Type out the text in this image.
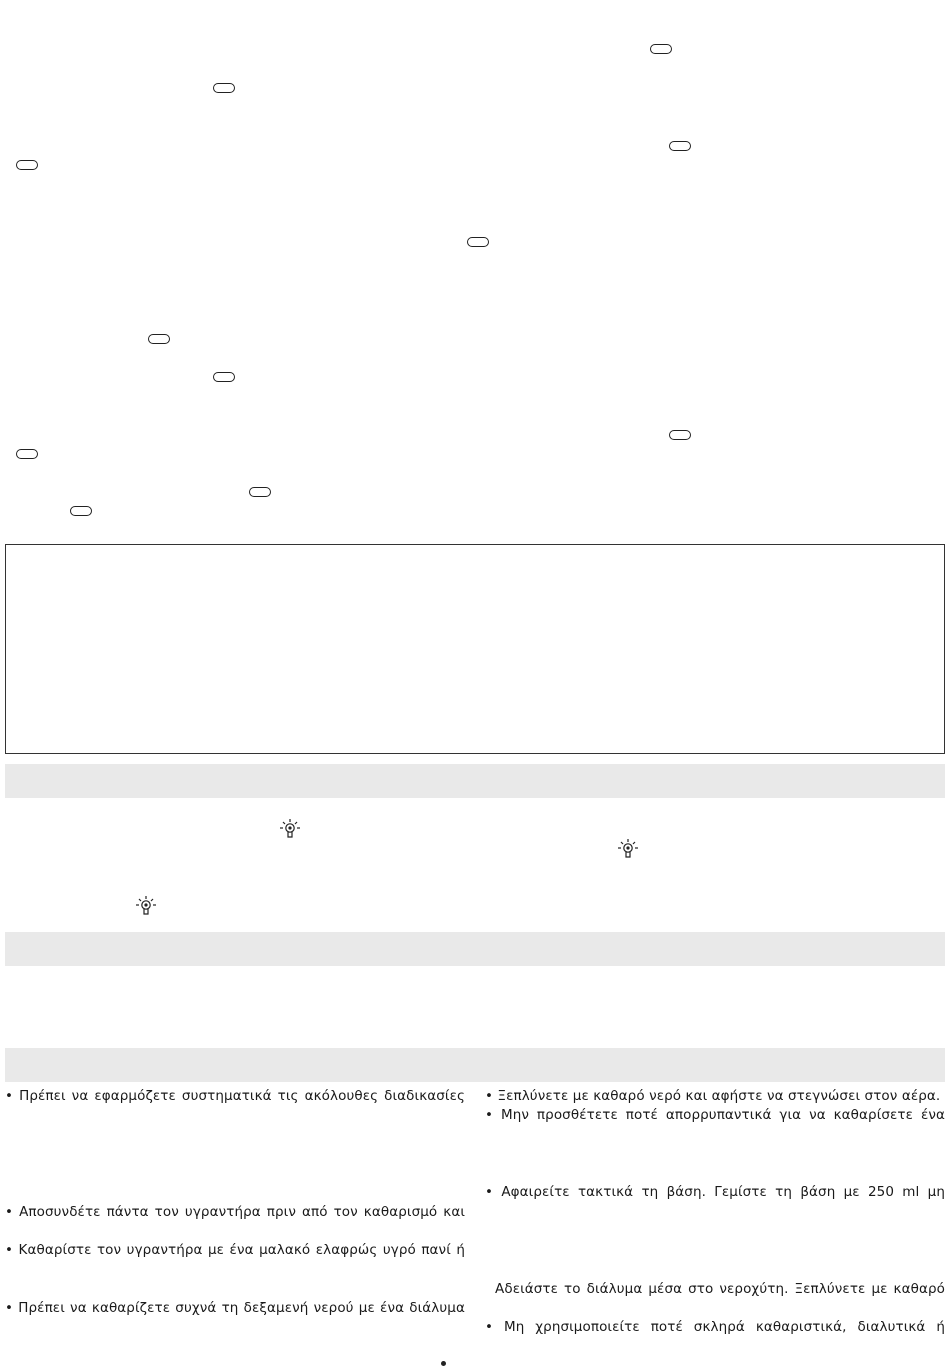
• Πρέπει να εφαρμόζετε συστηματικά τις ακόλουθες διαδικασίες
• Αποσυνδέτε πάντα τον υγραντήρα πριν από τον καθαρισμό και
• Καθαρίστε τον υγραντήρα με ένα μαλακό ελαφρώς υγρό πανί ή
• Πρέπει να καθαρίζετε συχνά τη δεξαμενή νερού με ένα διάλυμα
• Ξεπλύνετε με καθαρό νερό και αφήστε να στεγνώσει στον αέρα.
• Μην προσθέτετε ποτέ απορρυπαντικά για να καθαρίσετε ένα
• Αφαιρείτε τακτικά τη βάση. Γεμίστε τη βάση με 250 ml μη
Αδειάστε το διάλυμα μέσα στο νεροχύτη. Ξεπλύνετε με καθαρό
• Μη χρησιμοποιείτε ποτέ σκληρά καθαριστικά, διαλυτικά ή
